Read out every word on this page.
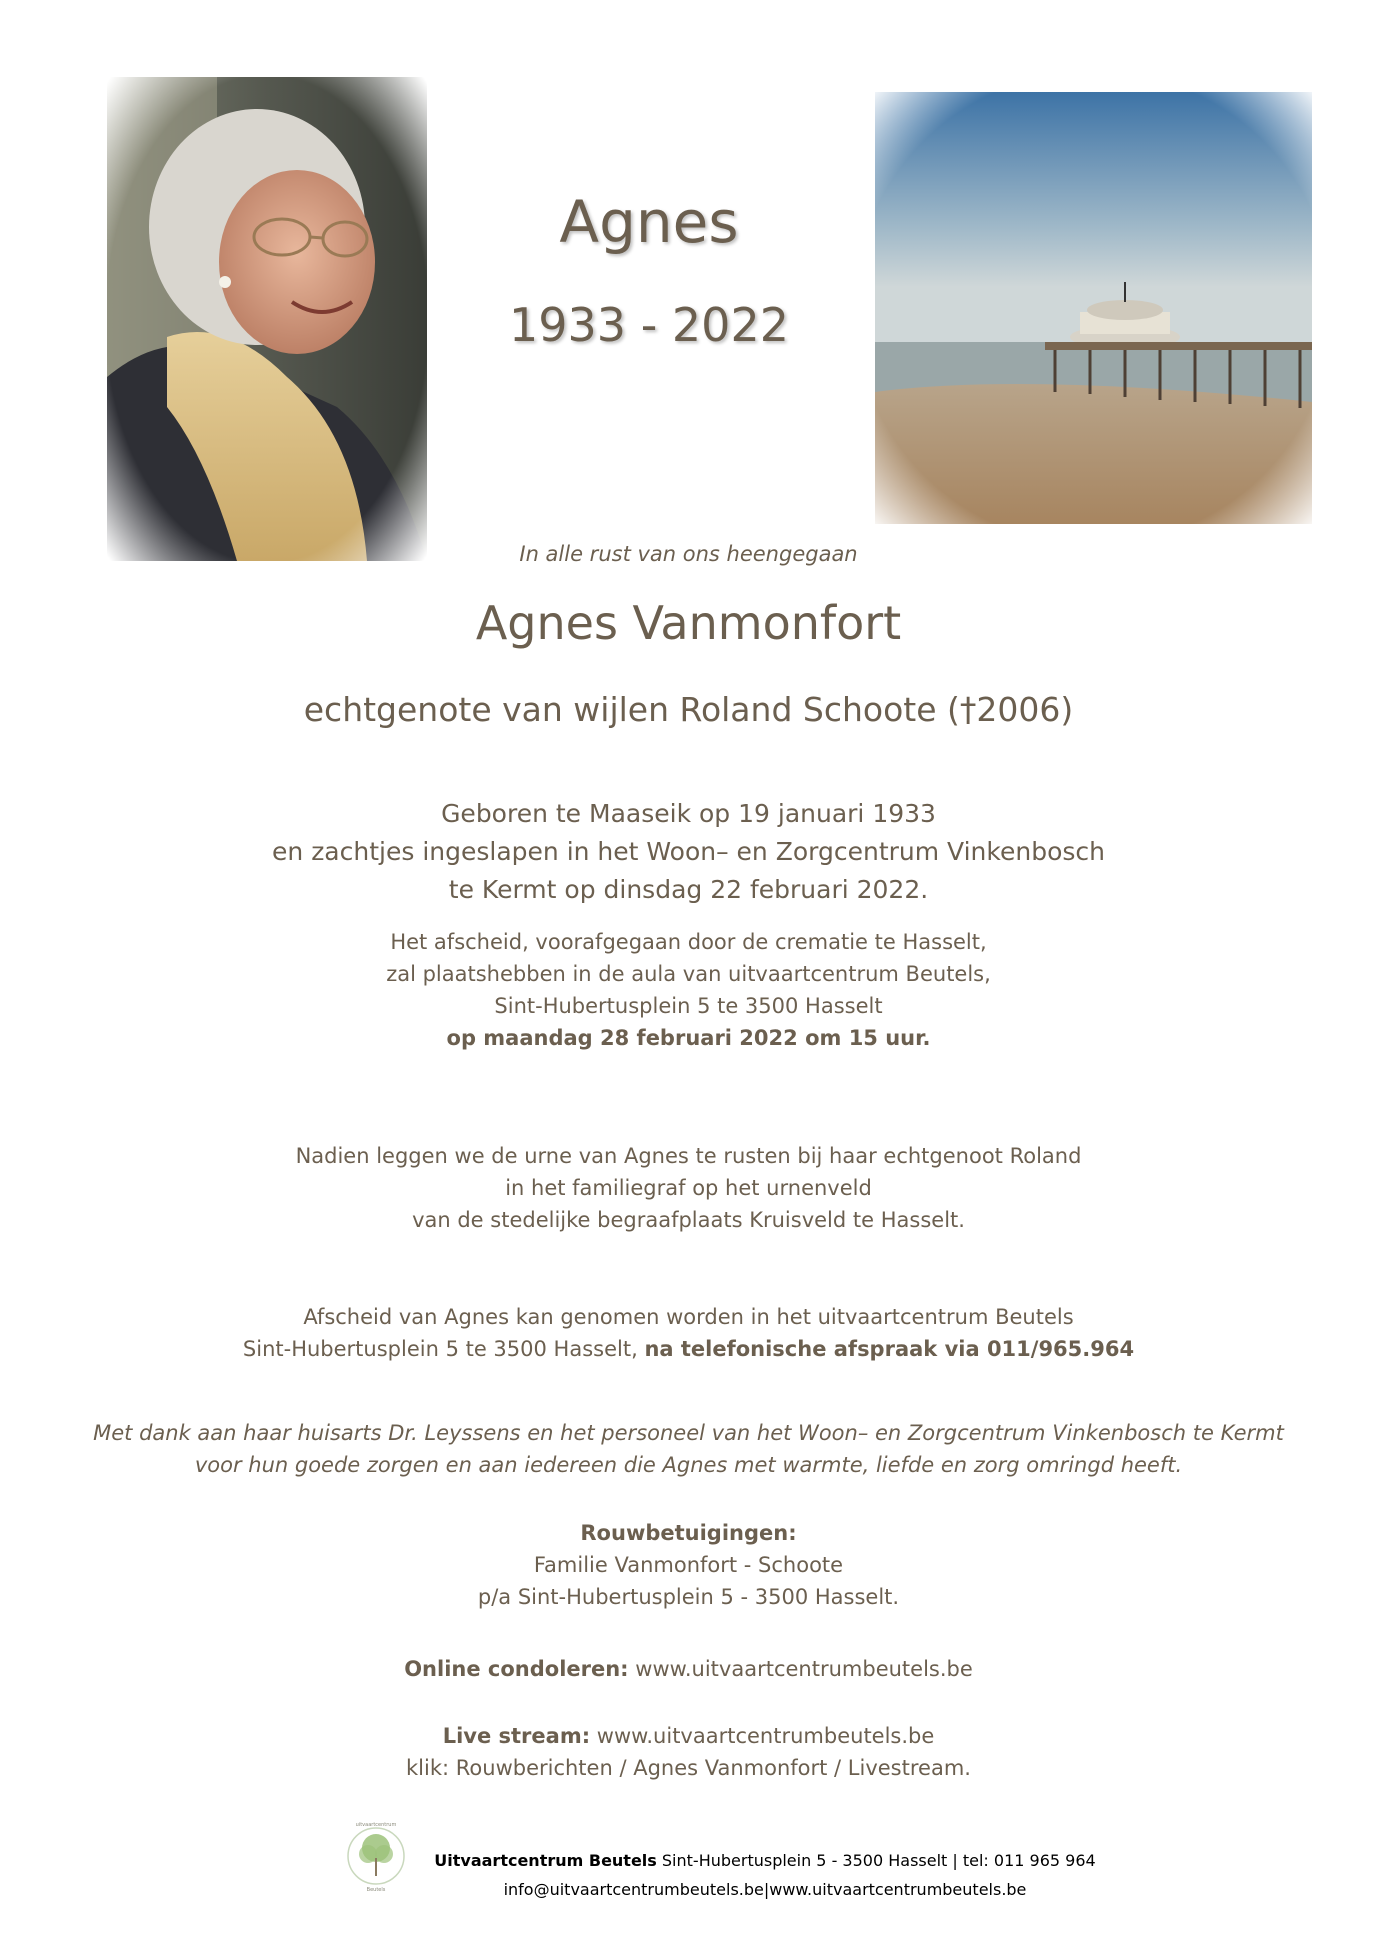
Agnes
1933 - 2022
In alle rust van ons heengegaan
Agnes Vanmonfort
echtgenote van wijlen Roland Schoote (†2006)
Geboren te Maaseik op 19 januari 1933
en zachtjes ingeslapen in het Woon– en Zorgcentrum Vinkenbosch
te Kermt op dinsdag 22 februari 2022.
Het afscheid, voorafgegaan door de crematie te Hasselt,
zal plaatshebben in de aula van uitvaartcentrum Beutels,
Sint-Hubertusplein 5 te 3500 Hasselt
op maandag 28 februari 2022 om 15 uur.
Nadien leggen we de urne van Agnes te rusten bij haar echtgenoot Roland
in het familiegraf op het urnenveld
van de stedelijke begraafplaats Kruisveld te Hasselt.
Afscheid van Agnes kan genomen worden in het uitvaartcentrum Beutels
Sint-Hubertusplein 5 te 3500 Hasselt, na telefonische afspraak via 011/965.964
Met dank aan haar huisarts Dr. Leyssens en het personeel van het Woon– en Zorgcentrum Vinkenbosch te Kermt
voor hun goede zorgen en aan iedereen die Agnes met warmte, liefde en zorg omringd heeft.
Rouwbetuigingen:
Familie Vanmonfort - Schoote
p/a Sint-Hubertusplein 5 - 3500 Hasselt.
Online condoleren: www.uitvaartcentrumbeutels.be
Live stream: www.uitvaartcentrumbeutels.be
klik: Rouwberichten / Agnes Vanmonfort / Livestream.
uitvaartcentrum
Beutels
Uitvaartcentrum Beutels Sint-Hubertusplein 5 - 3500 Hasselt | tel: 011 965 964
info@uitvaartcentrumbeutels.be|www.uitvaartcentrumbeutels.be
